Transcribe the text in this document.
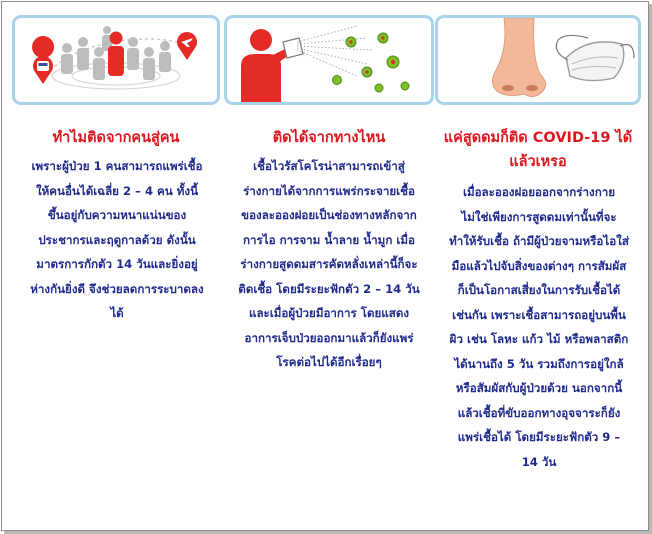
ทำไมติดจากคนสู่คน

เพราะผู้ป่วย 1 คนสามารถแพร่เชื้อให้คนอื่นได้เฉลี่ย 2 – 4 คน ทั้งนี้ขึ้นอยู่กับความหนาแน่นของประชากรและฤดูกาลด้วย ดังนั้น มาตรการกักตัว 14 วันและยิ่งอยู่ห่างกันยิ่งดี จึงช่วยลดการระบาดลงได้

ติดได้จากทางไหน

เชื้อไวรัสโคโรน่าสามารถเข้าสู่ร่างกายได้จากการแพร่กระจายเชื้อของละอองฝอยเป็นช่องทางหลักจากการไอ การจาม น้ำลาย น้ำมูก เมื่อร่างกายสูดดมสารคัดหลั่งเหล่านี้ก็จะติดเชื้อ โดยมีระยะฟักตัว 2 – 14 วัน และเมื่อผู้ป่วยมีอาการ โดยแสดงอาการเจ็บป่วยออกมาแล้วก็ยังแพร่โรคต่อไปได้อีกเรื่อยๆ

แค่สูดดมก็ติด COVID-19 ได้แล้วเหรอ

เมื่อละอองฝอยออกจากร่างกาย ไม่ใช่เพียงการสูดดมเท่านั้นที่จะทำให้รับเชื้อ ถ้ามีผู้ป่วยจามหรือไอใส่มือแล้วไปจับสิ่งของต่างๆ การสัมผัสก็เป็นโอกาสเสี่ยงในการรับเชื้อได้เช่นกัน เพราะเชื้อสามารถอยู่บนพื้นผิว เช่น โลหะ แก้ว ไม้ หรือพลาสติกได้นานถึง 5 วัน รวมถึงการอยู่ใกล้หรือสัมผัสกับผู้ป่วยด้วย นอกจากนี้แล้วเชื้อที่ขับออกทางอุจจาระก็ยังแพร่เชื้อได้ โดยมีระยะฟักตัว 9 – 14 วัน
